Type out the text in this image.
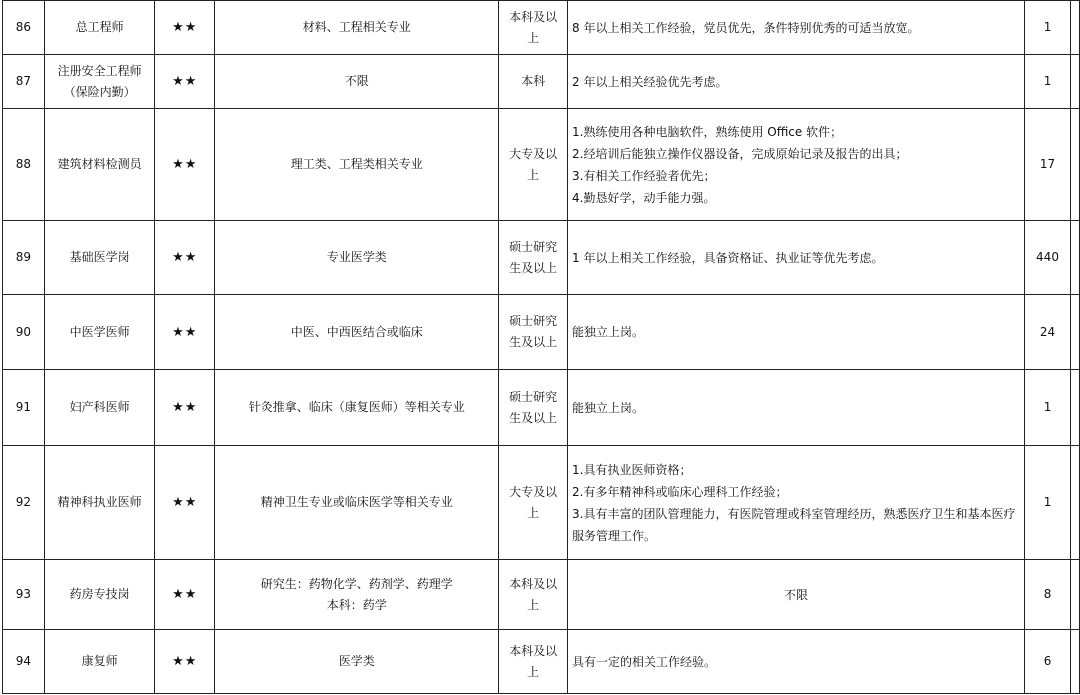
86	总工程师	★★	材料、工程相关专业	本科及以上	8 年以上相关工作经验，党员优先，条件特别优秀的可适当放宽。	1	
87	注册安全工程师（保险内勤）	★★	不限	本科	2 年以上相关经验优先考虑。	1	
88	建筑材料检测员	★★	理工类、工程类相关专业	大专及以上	1.熟练使用各种电脑软件，熟练使用 Office 软件；
2.经培训后能独立操作仪器设备，完成原始记录及报告的出具；
3.有相关工作经验者优先；
4.勤恳好学，动手能力强。	17	
89	基础医学岗	★★	专业医学类	硕士研究生及以上	1 年以上相关工作经验，具备资格证、执业证等优先考虑。	440	
90	中医学医师	★★	中医、中西医结合或临床	硕士研究生及以上	能独立上岗。	24	
91	妇产科医师	★★	针灸推拿、临床（康复医师）等相关专业	硕士研究生及以上	能独立上岗。	1	
92	精神科执业医师	★★	精神卫生专业或临床医学等相关专业	大专及以上	1.具有执业医师资格；
2.有多年精神科或临床心理科工作经验；
3.具有丰富的团队管理能力，有医院管理或科室管理经历，熟悉医疗卫生和基本医疗服务管理工作。	1	
93	药房专技岗	★★	研究生：药物化学、药剂学、药理学
本科：药学	本科及以上	不限	8	
94	康复师	★★	医学类	本科及以上	具有一定的相关工作经验。	6	
